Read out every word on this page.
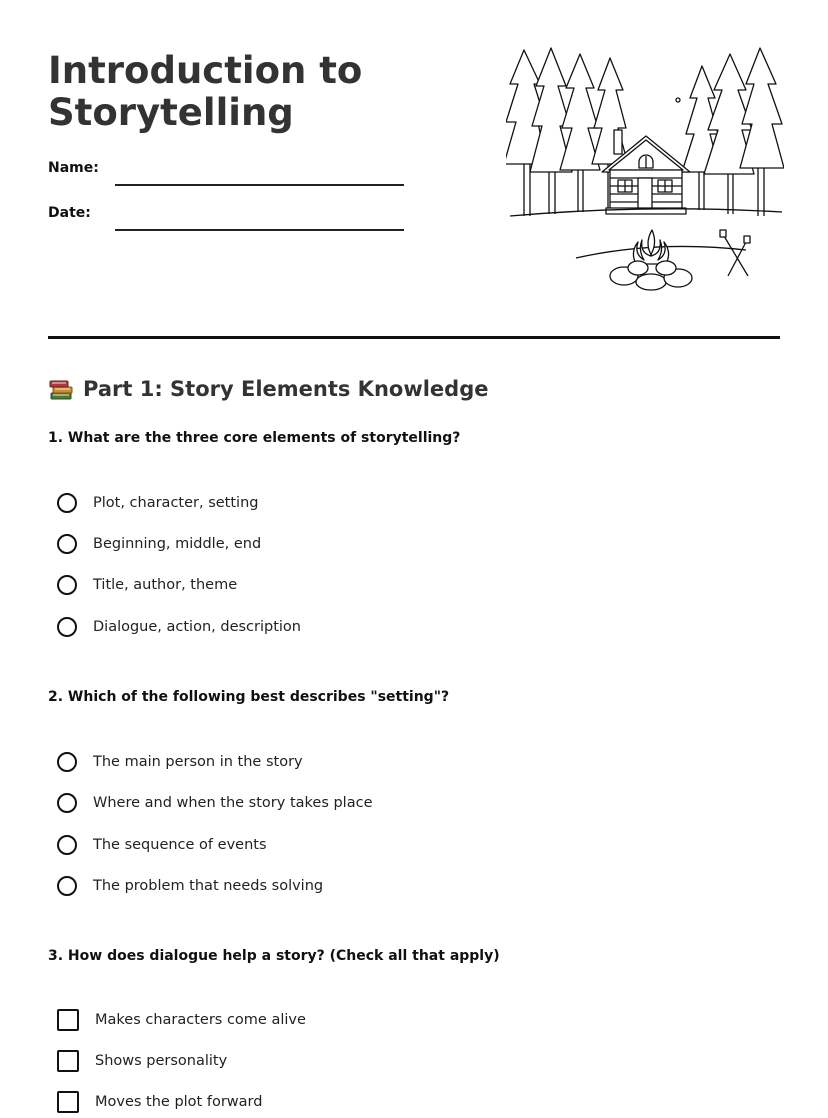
Introduction to
Storytelling
Name:
Date:
Part 1: Story Elements Knowledge

1. What are the three core elements of storytelling?

Plot, character, setting
Beginning, middle, end
Title, author, theme
Dialogue, action, description

2. Which of the following best describes "setting"?

The main person in the story
Where and when the story takes place
The sequence of events
The problem that needs solving

3. How does dialogue help a story? (Check all that apply)

Makes characters come alive
Shows personality
Moves the plot forward
